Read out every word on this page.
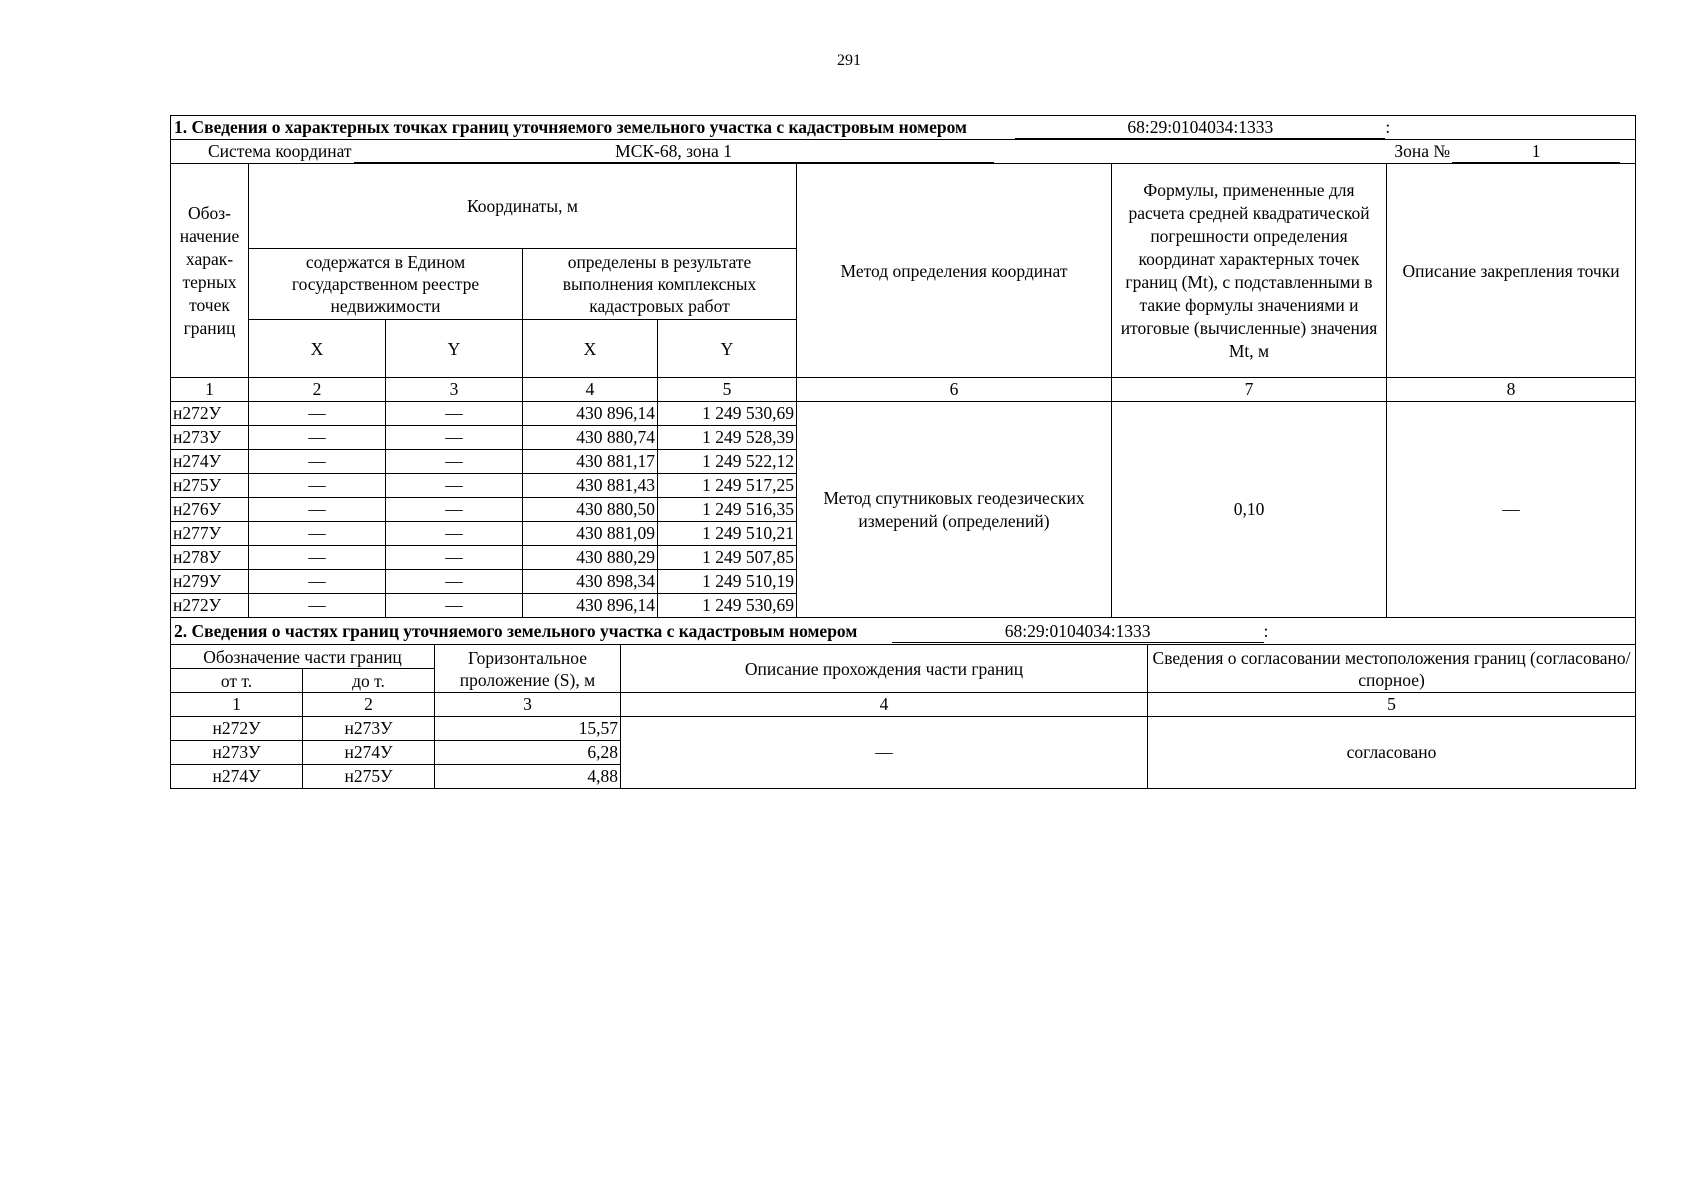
291
1. Сведения о характерных точках границ уточняемого земельного участка с кадастровым номером 68:29:0104034:1333 :							
Система координат МСК-68, зона 1 Зона № 1							

Обоз-начение харак-терных точек границ	Координаты, м				Метод определения координат	Формулы, примененные для расчета средней квадратической погрешности определения координат характерных точек границ (Mt), с подставленными в такие формулы значениями и итоговые (вычисленные) значения Mt, м	Описание закрепления точки
	содержатся в Едином государственном реестре недвижимости		определены в результате выполнения комплексных кадастровых работ				
	X	Y	X	Y			
1	2	3	4	5	6	7	8
н272У	—	—	430 896,14	1 249 530,69	Метод спутниковых геодезических измерений (определений)	0,10	—
н273У	—	—	430 880,74	1 249 528,39			
н274У	—	—	430 881,17	1 249 522,12			
н275У	—	—	430 881,43	1 249 517,25			
н276У	—	—	430 880,50	1 249 516,35			
н277У	—	—	430 881,09	1 249 510,21			
н278У	—	—	430 880,29	1 249 507,85			
н279У	—	—	430 898,34	1 249 510,19			
н272У	—	—	430 896,14	1 249 530,69			
2. Сведения о частях границ уточняемого земельного участка с кадастровым номером 68:29:0104034:1333 :				
Обозначение части границ		Горизонтальное проложение (S), м	Описание прохождения части границ	Сведения о согласовании местоположения границ (согласовано/спорное)
от т.	до т.			
1	2	3	4	5
н272У	н273У	15,57	—	согласовано
н273У	н274У	6,28		
н274У	н275У	4,88		
